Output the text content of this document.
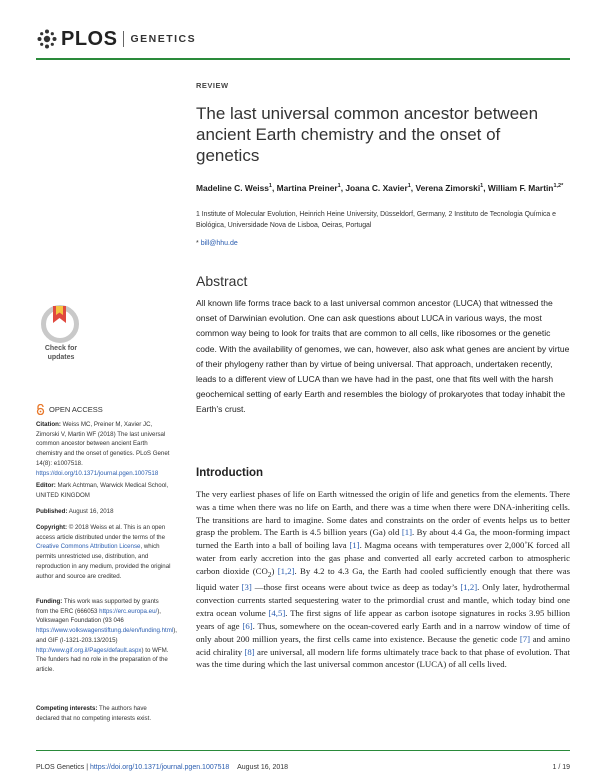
PLOS GENETICS
REVIEW
The last universal common ancestor between ancient Earth chemistry and the onset of genetics
Madeline C. Weiss$^1$, Martina Preiner$^1$, Joana C. Xavier$^1$, Verena Zimorski$^1$, William F. Martin$^{1,2*}$
1 Institute of Molecular Evolution, Heinrich Heine University, Düsseldorf, Germany, 2 Instituto de Tecnologia Química e Biológica, Universidade Nova de Lisboa, Oeiras, Portugal
* bill@hhu.de
Check for
updates
OPEN ACCESS
Citation: Weiss MC, Preiner M, Xavier JC, Zimorski V, Martin WF (2018) The last universal common ancestor between ancient Earth chemistry and the onset of genetics. PLoS Genet 14(8): e1007518. https://doi.org/10.1371/journal.pgen.1007518
Editor: Mark Achtman, Warwick Medical School, UNITED KINGDOM
Published: August 16, 2018
Copyright: © 2018 Weiss et al. This is an open access article distributed under the terms of the Creative Commons Attribution License, which permits unrestricted use, distribution, and reproduction in any medium, provided the original author and source are credited.
Funding: This work was supported by grants from the ERC (666053 https://erc.europa.eu/), Volkswagen Foundation (93 046 https://www.volkswagenstiftung.de/en/funding.html), and GIF (I-1321-203.13/2015) http://www.gif.org.il/Pages/default.aspx) to WFM. The funders had no role in the preparation of the article.
Competing interests: The authors have declared that no competing interests exist.
Abstract
All known life forms trace back to a last universal common ancestor (LUCA) that witnessed the onset of Darwinian evolution. One can ask questions about LUCA in various ways, the most common way being to look for traits that are common to all cells, like ribosomes or the genetic code. With the availability of genomes, we can, however, also ask what genes are ancient by virtue of their phylogeny rather than by virtue of being universal. That approach, undertaken recently, leads to a different view of LUCA than we have had in the past, one that fits well with the harsh geochemical setting of early Earth and resembles the biology of prokaryotes that today inhabit the Earth’s crust.
Introduction
The very earliest phases of life on Earth witnessed the origin of life and genetics from the elements. There was a time when there was no life on Earth, and there was a time when there were DNA-inheriting cells. The transitions are hard to imagine. Some dates and constraints on the order of events helps us to better grasp the problem. The Earth is 4.5 billion years (Ga) old [1]. By about 4.4 Ga, the moon-forming impact turned the Earth into a ball of boiling lava [1]. Magma oceans with temperatures over 2,000˚K forced all water from early accretion into the gas phase and converted all early accreted carbon to atmospheric carbon dioxide $(CO_2)$ [1,2]. By 4.2 to 4.3 Ga, the Earth had cooled sufficiently enough that there was liquid water [3] —those first oceans were about twice as deep as today’s [1,2]. Only later, hydrothermal convection currents started sequestering water to the primordial crust and mantle, which today bind one extra ocean volume [4,5]. The first signs of life appear as carbon isotope signatures in rocks 3.95 billion years of age [6]. Thus, somewhere on the ocean-covered early Earth and in a narrow window of time of only about 200 million years, the first cells came into existence. Because the genetic code [7] and amino acid chirality [8] are universal, all modern life forms ultimately trace back to that phase of evolution. That was the time during which the last universal common ancestor (LUCA) of all cells lived.
PLOS Genetics | https://doi.org/10.1371/journal.pgen.1007518 August 16, 2018	1 / 19
